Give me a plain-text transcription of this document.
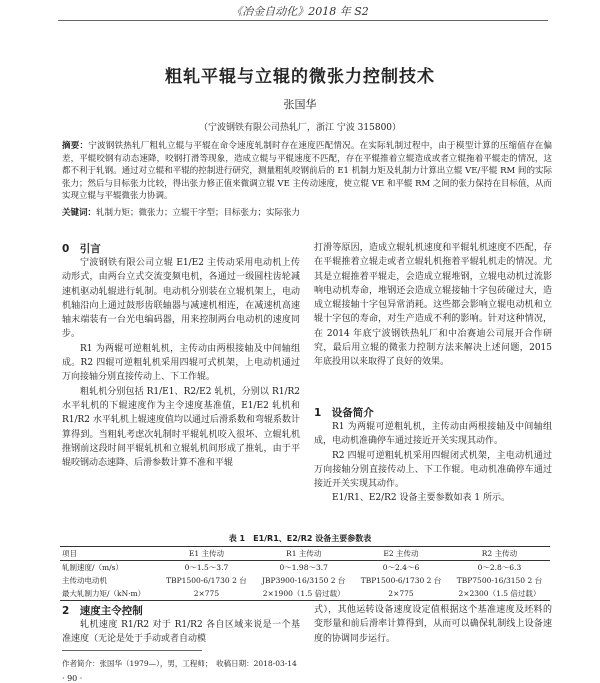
《冶金自动化》2018 年 S2
粗轧平辊与立辊的微张力控制技术
张国华
（宁波钢铁有限公司热轧厂，浙江 宁波 315800）
摘要：宁波钢铁热轧厂粗轧立辊与平辊在命令速度轧制时存在速度匹配情况。在实际轧制过程中，由于模型计算的压缩值存在偏差，平辊咬钢有动态速降，咬钢打滑等现象，造成立辊与平辊速度不匹配，存在平辊推着立辊造成或者立辊拖着平辊走的情况，这都不利于轧钢。通过对立辊和平辊的控制进行研究，测量粗轧咬钢前后的 E1 机制力矩及轧制力计算出立辊 VE/平辊 RM 间的实际张力；然后与目标张力比较，得出张力修正值来微调立辊 VE 主传动速度，使立辊 VE 和平辊 RM 之间的张力保持在目标值，从而实现立辊与平辊微张力协调。
关键词：轧制力矩；微张力；立辊干字型；目标张力；实际张力
0　引言

宁波钢铁有限公司立辊 E1/E2 主传动采用电动机上传动形式，由两台立式交流变频电机，各通过一级圆柱齿轮减速机驱动轧辊进行轧制。电动机分别装在立辊机架上，电动机轴沿向上通过鼓形齿联轴器与减速机相连，在减速机高速轴末端装有一台光电编码器，用来控制两台电动机的速度同步。

R1 为两辊可逆粗轧机，主传动由两根接轴及中间轴组成。R2 四辊可逆粗轧机采用四辊可式机架，上电动机通过万向接轴分别直接传动上、下工作辊。

粗轧机分别包括 R1/E1、R2/E2 轧机，分别以 R1/R2 水平轧机的下辊速度作为主令速度基准值，E1/E2 轧机和 R1/R2 水平轧机上辊速度值均以通过后滑系数和弯辊系数计算得到。当粗轧考虑次轧制时平辊轧机咬入很坏、立辊轧机推钢前这段时间平辊轧机和立辊轧机间形成了推轧，由于平辊咬钢动态速降、后滑参数计算不准和平辊

打滑等原因，造成立辊轧机速度和平辊轧机速度不匹配，存在平辊推着立辊走或者立辊轧机拖着平辊轧机走的情况。尤其是立辊推着平辊走，会造成立辊堆钢，立辊电动机过流影响电动机寿命，堆钢还会造成立辊接轴十字包砖碰过大，造成立辊接轴十字包异常消耗。这些都会影响立辊电动机和立辊十字包的寿命，对生产造成不利的影响。针对这种情况，在 2014 年底宁波钢铁热轧厂和中冶赛迪公司展开合作研究，最后用立辊的微张力控制方法来解决上述问题，2015 年底投用以来取得了良好的效果。

1　设备简介

R1 为两辊可逆粗轧机，主传动由两根接轴及中间轴组成，电动机准确停车通过接近开关实现其动作。

R2 四辊可逆粗轧机采用四辊闭式机架，主电动机通过万向接轴分别直接传动上、下工作辊。电动机准确停车通过接近开关实现其动作。

E1/R1、E2/R2 设备主要参数如表 1 所示。

表 1　E1/R1、E2/R2 设备主要参数表
项目	E1 主传动	R1 主传动	E2 主传动	R2 主传动
轧制速度/（m/s）	0～1.5～3.7	0～1.98～3.7	0～2.4～6	0～2.8～6.3
主传动电动机	TBP1500-6/1730 2 台	JBP3900-16/3150 2 台	TBP1500-6/1730 2 台	TBP7500-16/3150 2 台
最大轧制力矩/（kN·m）	2×775	2×1900（1.5 倍过载）	2×775	2×2300（1.5 倍过载）
2　速度主令控制

轧机速度 R1/R2 对于 R1/R2 各自区域来说是一个基准速度（无论是处于手动或者自动模

式），其他运转设备速度设定值根据这个基准速度及坯料的变形量和前后滑率计算得到，从而可以确保轧制线上设备速度的协调同步运行。

作者简介：张国华（1979—），男，工程师；　收稿日期：2018-03-14
· 90 ·
